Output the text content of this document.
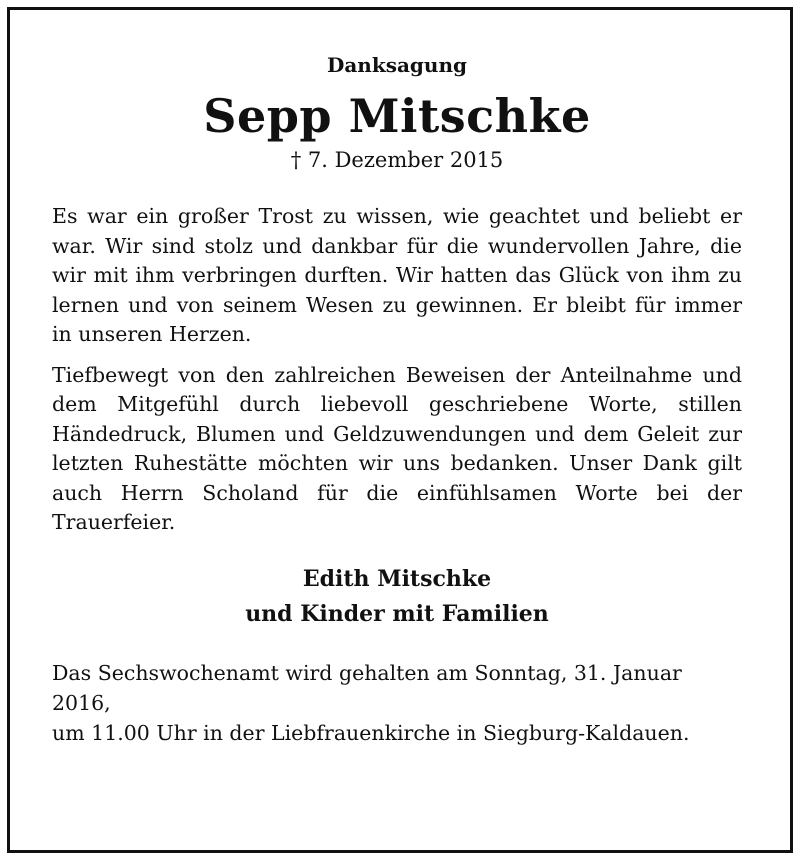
Danksagung
Sepp Mitschke
† 7. Dezember 2015

Es war ein großer Trost zu wissen, wie geachtet und beliebt er war. Wir sind stolz und dankbar für die wundervollen Jahre, die wir mit ihm verbringen durften. Wir hatten das Glück von ihm zu lernen und von seinem Wesen zu gewinnen. Er bleibt für immer in unseren Herzen.

Tiefbewegt von den zahlreichen Beweisen der Anteilnahme und dem Mitgefühl durch liebevoll geschriebene Worte, stillen Händedruck, Blumen und Geldzuwendungen und dem Geleit zur letzten Ruhestätte möchten wir uns bedanken. Unser Dank gilt auch Herrn Scholand für die einfühlsamen Worte bei der Trauerfeier.

Edith Mitschke
und Kinder mit Familien
Das Sechswochenamt wird gehalten am Sonntag, 31. Januar 2016,
um 11.00 Uhr in der Liebfrauenkirche in Siegburg-Kaldauen.
